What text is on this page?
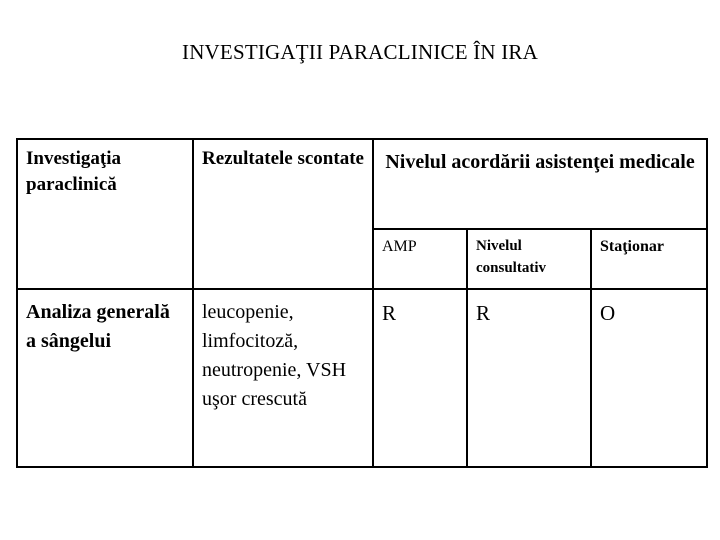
INVESTIGAŢII PARACLINICE ÎN IRA
Investigaţia paraclinică	Rezultatele scontate	Nivelul acordării asistenţei medicale		
		AMP	Nivelul consultativ	Staţionar
Analiza generală a sângelui	leucopenie, limfocitoză, neutropenie, VSH uşor crescută	R	R	O
